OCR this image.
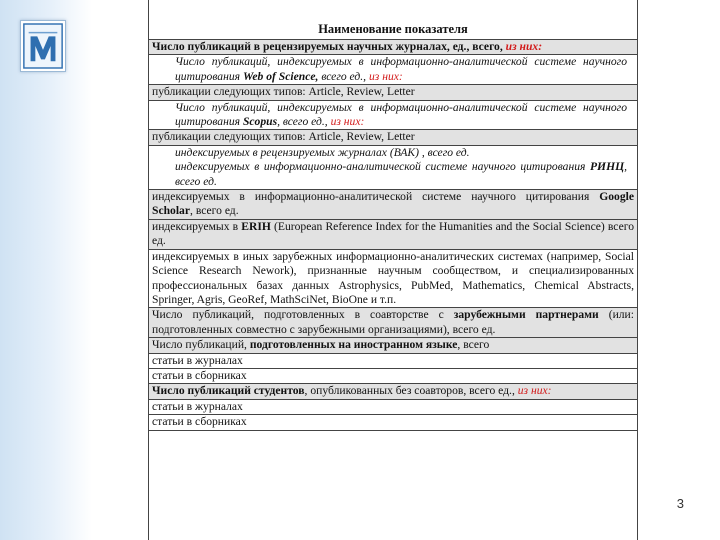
Наименование показателя
Число публикаций в рецензируемых научных журналах, ед., всего, из них:
Число публикаций, индексируемых в информационно-аналитической системе научного цитирования Web of Science, всего ед., из них:
публикации следующих типов: Article, Review, Letter
Число публикаций, индексируемых в информационно-аналитической системе научного цитирования Scopus, всего ед., из них:
публикации следующих типов: Article, Review, Letter
индексируемых в рецензируемых журналах (ВАК) , всего ед.
индексируемых в информационно-аналитической системе научного цитирования РИНЦ, всего ед.
индексируемых в информационно-аналитической системе научного цитирования Google Scholar, всего ед.
индексируемых в ERIH (European Reference Index for the Humanities and the Social Science) всего ед.
индексируемых в иных зарубежных информационно-аналитических системах (например, Social Science Research Nework), признанные научным сообществом, и специализированных профессиональных базах данных Astrophysics, PubMed, Mathematics, Chemical Abstracts, Springer, Agris, GeoRef, MathSciNet, BioOne и т.п.
Число публикаций, подготовленных в соавторстве с зарубежными партнерами (или: подготовленных совместно с зарубежными организациями), всего ед.
Число публикаций, подготовленных на иностранном языке, всего
статьи в журналах
статьи в сборниках
Число публикаций студентов, опубликованных без соавторов, всего ед., из них:
статьи в журналах
статьи в сборниках
3
